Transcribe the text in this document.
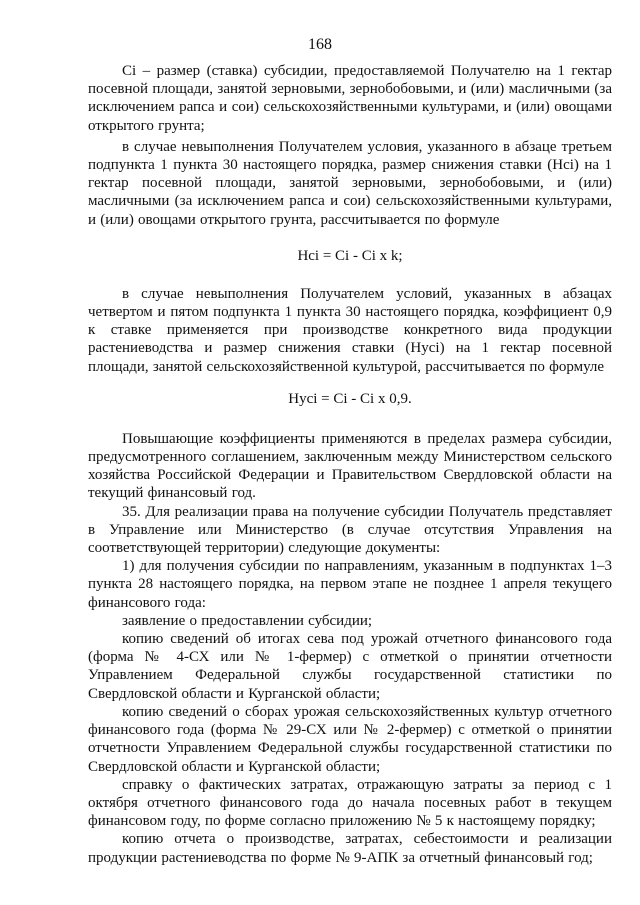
168

Ci – размер (ставка) субсидии, предоставляемой Получателю на 1 гектар посевной площади, занятой зерновыми, зернобобовыми, и (или) масличными (за исключением рапса и сои) сельскохозяйственными культурами, и (или) овощами открытого грунта;

в случае невыполнения Получателем условия, указанного в абзаце третьем подпункта 1 пункта 30 настоящего порядка, размер снижения ставки (Нсi) на 1 гектар посевной площади, занятой зерновыми, зернобобовыми, и (или) масличными (за исключением рапса и сои) сельскохозяйственными культурами, и (или) овощами открытого грунта, рассчитывается по формуле

Нсi = Ci - Ci x k;

в случае невыполнения Получателем условий, указанных в абзацах четвертом и пятом подпункта 1 пункта 30 настоящего порядка, коэффициент 0,9 к ставке применяется при производстве конкретного вида продукции растениеводства и размер снижения ставки (Нусi) на 1 гектар посевной площади, занятой сельскохозяйственной культурой, рассчитывается по формуле

Нусi = Ci - Ci x 0,9.

Повышающие коэффициенты применяются в пределах размера субсидии, предусмотренного соглашением, заключенным между Министерством сельского хозяйства Российской Федерации и Правительством Свердловской области на текущий финансовый год.

35. Для реализации права на получение субсидии Получатель представляет в Управление или Министерство (в случае отсутствия Управления на соответствующей территории) следующие документы:

1) для получения субсидии по направлениям, указанным в подпунктах 1–3 пункта 28 настоящего порядка, на первом этапе не позднее 1 апреля текущего финансового года:

заявление о предоставлении субсидии;

копию сведений об итогах сева под урожай отчетного финансового года (форма № 4-СХ или № 1-фермер) с отметкой о принятии отчетности Управлением Федеральной службы государственной статистики по Свердловской области и Курганской области;

копию сведений о сборах урожая сельскохозяйственных культур отчетного финансового года (форма № 29-СХ или № 2-фермер) с отметкой о принятии отчетности Управлением Федеральной службы государственной статистики по Свердловской области и Курганской области;

справку о фактических затратах, отражающую затраты за период с 1 октября отчетного финансового года до начала посевных работ в текущем финансовом году, по форме согласно приложению № 5 к настоящему порядку;

копию отчета о производстве, затратах, себестоимости и реализации продукции растениеводства по форме № 9-АПК за отчетный финансовый год;
